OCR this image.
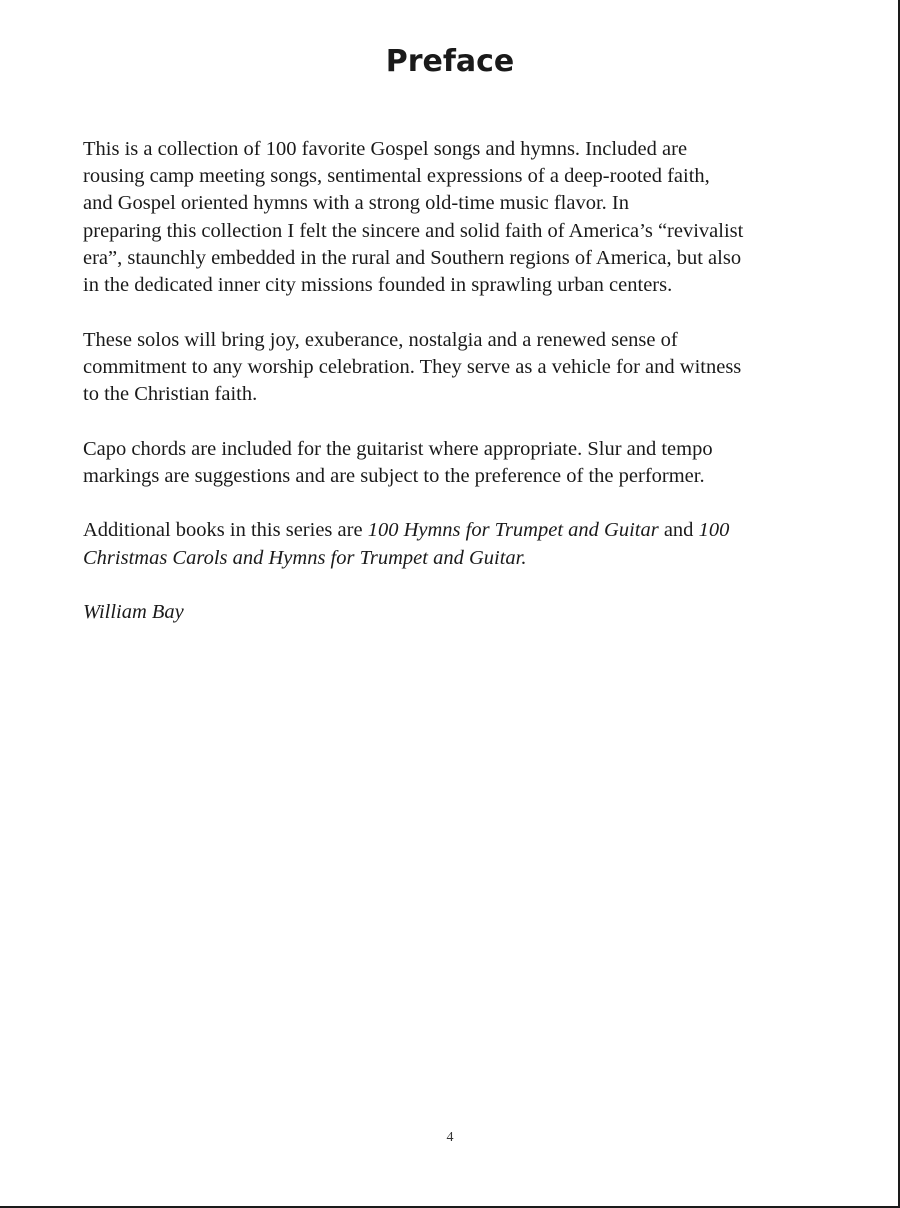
Preface

This is a collection of 100 favorite Gospel songs and hymns. Included are
rousing camp meeting songs, sentimental expressions of a deep-rooted faith,
and Gospel oriented hymns with a strong old-time music flavor. In
preparing this collection I felt the sincere and solid faith of America’s “revivalist
era”, staunchly embedded in the rural and Southern regions of America, but also
in the dedicated inner city missions founded in sprawling urban centers.

These solos will bring joy, exuberance, nostalgia and a renewed sense of
commitment to any worship celebration. They serve as a vehicle for and witness
to the Christian faith.

Capo chords are included for the guitarist where appropriate. Slur and tempo
markings are suggestions and are subject to the preference of the performer.

Additional books in this series are 100 Hymns for Trumpet and Guitar and 100
Christmas Carols and Hymns for Trumpet and Guitar.

William Bay

4
